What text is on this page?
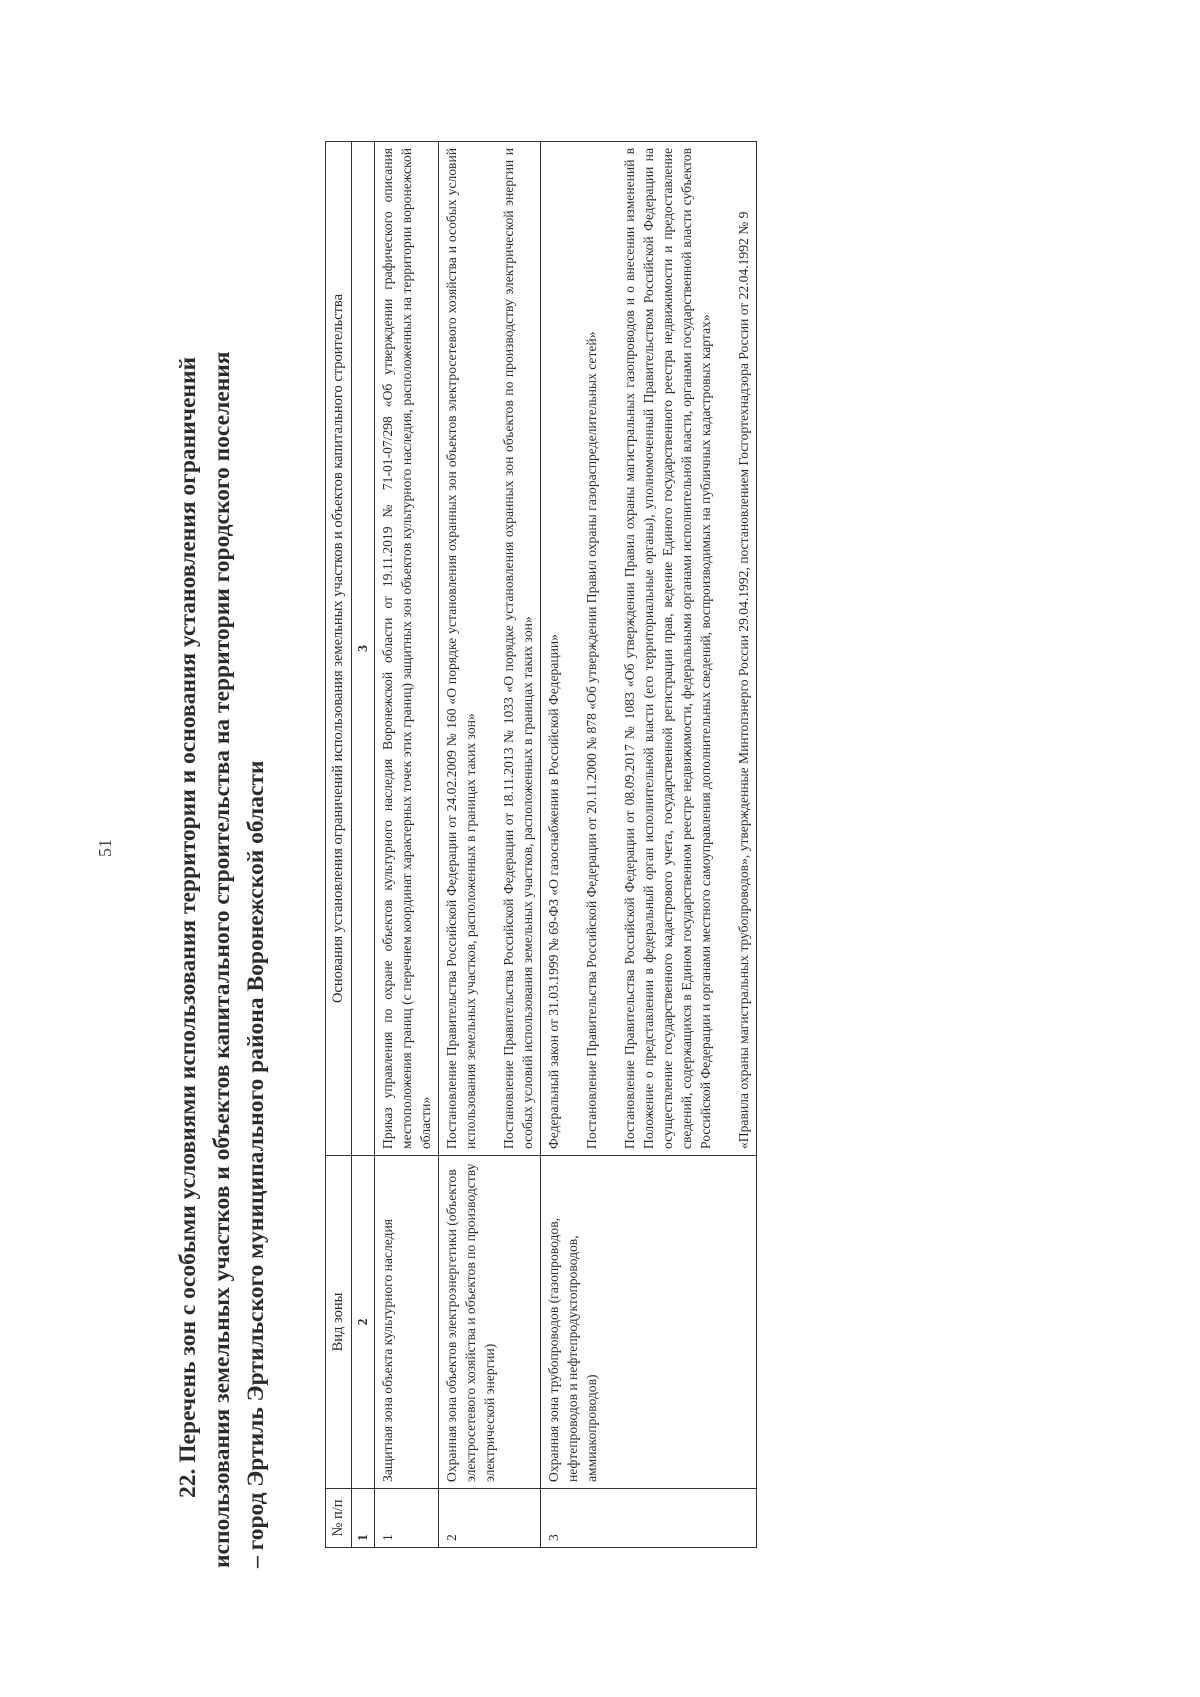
51	22. Перечень зон с особыми условиями использования территории и основания установления ограничений использования земельных участков и объектов капитального строительства на территории городского поселения – город Эртиль Эртильского муниципального района Воронежской области	№ п/п	Вид зоны	Основания установления ограничений использования земельных участков и объектов капитального строительства
1	2	3
1	Защитная зона объекта культурного наследия	Приказ управления по охране объектов культурного наследия Воронежской области от 19.11.2019 № 71-01-07/298 «Об утверждении графического описания местоположения границ (с перечнем координат характерных точек этих границ) защитных зон объектов культурного наследия, расположенных на территории воронежской области»

2	Охранная зона объектов электроэнергетики (объектов электросетевого хозяйства и объектов по производству электрической энергии)	Постановление Правительства Российской Федерации от 24.02.2009 № 160 «О порядке установления охранных зон объектов электросетевого хозяйства и особых условий использования земельных участков, расположенных в границах таких зон» Постановление Правительства Российской Федерации от 18.11.2013 № 1033 «О порядке установления охранных зон объектов по производству электрической энергии и особых условий использования земельных участков, расположенных в границах таких зон»

3	Охранная зона трубопроводов (газопроводов, нефтепроводов и нефтепродуктопроводов, аммиакопроводов)	Федеральный закон от 31.03.1999 № 69-ФЗ «О газоснабжении в Российской Федерации» Постановление Правительства Российской Федерации от 20.11.2000 № 878 «Об утверждении Правил охраны газораспределительных сетей» Постановление Правительства Российской Федерации от 08.09.2017 № 1083 «Об утверждении Правил охраны магистральных газопроводов и о внесении изменений в Положение о представлении в федеральный орган исполнительной власти (его территориальные органы), уполномоченный Правительством Российской Федерации на осуществление государственного кадастрового учета, государственной регистрации прав, ведение Единого государственного реестра недвижимости и предоставление сведений, содержащихся в Едином государственном реестре недвижимости, федеральными органами исполнительной власти, органами государственной власти субъектов Российской Федерации и органами местного самоуправления дополнительных сведений, воспроизводимых на публичных кадастровых картах» «Правила охраны магистральных трубопроводов», утвержденные Минтопэнерго России 29.04.1992, постановлением Госгортехнадзора России от 22.04.1992 № 9
